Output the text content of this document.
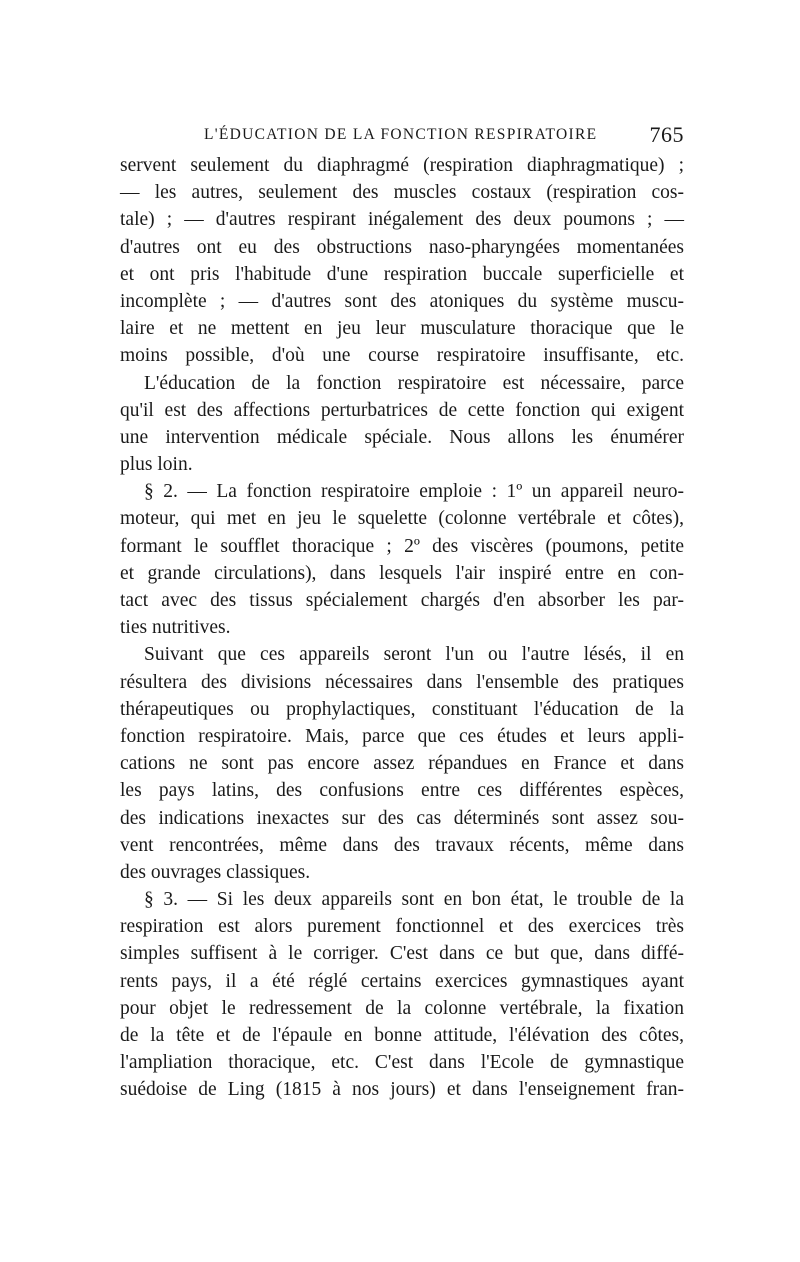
L'ÉDUCATION DE LA FONCTION RESPIRATOIRE 765
servent seulement du diaphragmé (respiration diaphragmatique) ;
— les autres, seulement des muscles costaux (respiration cos-
tale) ; — d'autres respirant inégalement des deux poumons ; —
d'autres ont eu des obstructions naso-pharyngées momentanées
et ont pris l'habitude d'une respiration buccale superficielle et
incomplète ; — d'autres sont des atoniques du système muscu-
laire et ne mettent en jeu leur musculature thoracique que le
moins possible, d'où une course respiratoire insuffisante, etc.
L'éducation de la fonction respiratoire est nécessaire, parce
qu'il est des affections perturbatrices de cette fonction qui exigent
une intervention médicale spéciale. Nous allons les énumérer
plus loin.
§ 2. — La fonction respiratoire emploie : 1º un appareil neuro-
moteur, qui met en jeu le squelette (colonne vertébrale et côtes),
formant le soufflet thoracique ; 2º des viscères (poumons, petite
et grande circulations), dans lesquels l'air inspiré entre en con-
tact avec des tissus spécialement chargés d'en absorber les par-
ties nutritives.
Suivant que ces appareils seront l'un ou l'autre lésés, il en
résultera des divisions nécessaires dans l'ensemble des pratiques
thérapeutiques ou prophylactiques, constituant l'éducation de la
fonction respiratoire. Mais, parce que ces études et leurs appli-
cations ne sont pas encore assez répandues en France et dans
les pays latins, des confusions entre ces différentes espèces,
des indications inexactes sur des cas déterminés sont assez sou-
vent rencontrées, même dans des travaux récents, même dans
des ouvrages classiques.
§ 3. — Si les deux appareils sont en bon état, le trouble de la
respiration est alors purement fonctionnel et des exercices très
simples suffisent à le corriger. C'est dans ce but que, dans diffé-
rents pays, il a été réglé certains exercices gymnastiques ayant
pour objet le redressement de la colonne vertébrale, la fixation
de la tête et de l'épaule en bonne attitude, l'élévation des côtes,
l'ampliation thoracique, etc. C'est dans l'Ecole de gymnastique
suédoise de Ling (1815 à nos jours) et dans l'enseignement fran-
